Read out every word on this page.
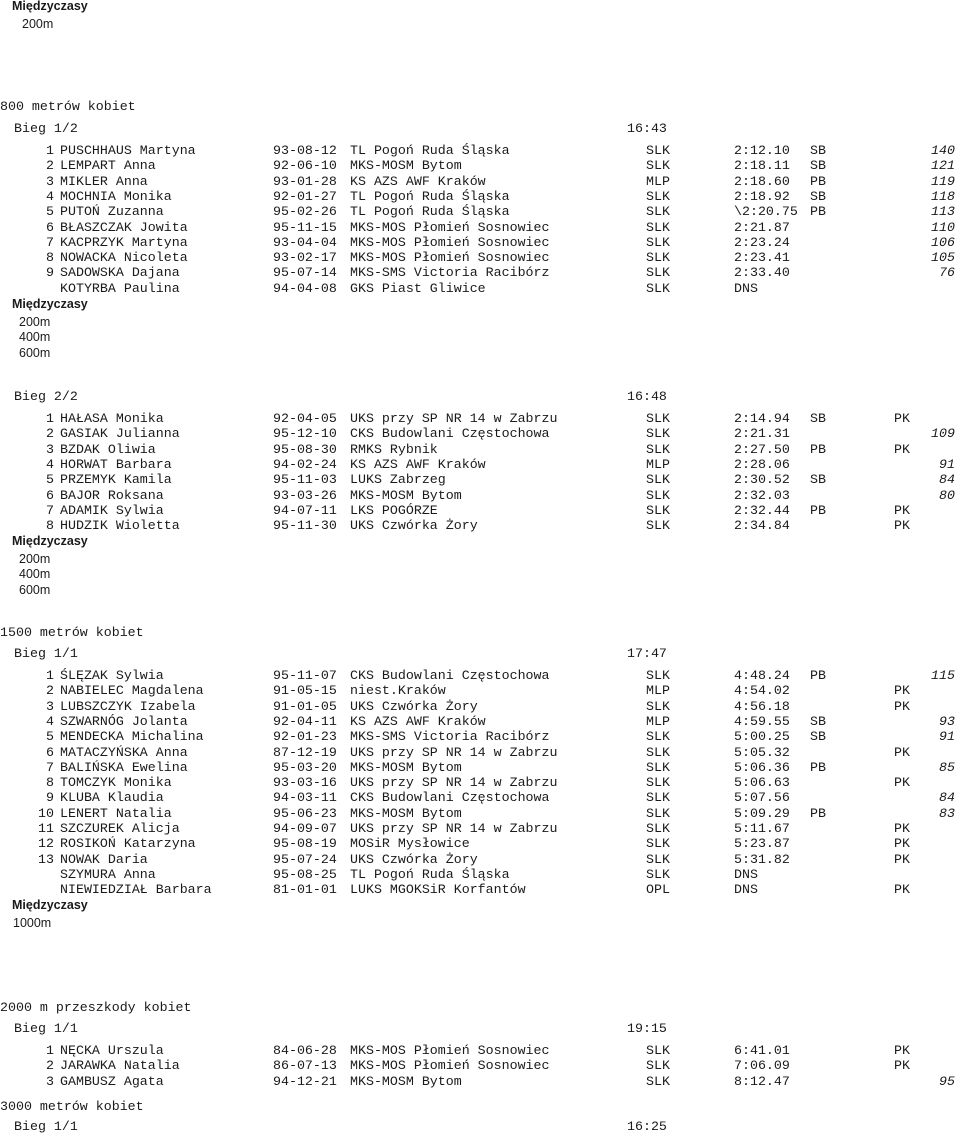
Międzyczasy
200m
800 metrów kobiet
Bieg 1/2	16:43
1 PUSCHHAUS Martyna	93-08-12 TL Pogoń Ruda Śląska	SLK	2:12.10 SB	140
2 LEMPART Anna	92-06-10 MKS-MOSM Bytom	SLK	2:18.11 SB	121
3 MIKLER Anna	93-01-28 KS AZS AWF Kraków	MLP	2:18.60 PB	119
4 MOCHNIA Monika	92-01-27 TL Pogoń Ruda Śląska	SLK	2:18.92 SB	118
5 PUTOŃ Zuzanna	95-02-26 TL Pogoń Ruda Śląska	SLK	\2:20.75 PB	113
6 BŁASZCZAK Jowita	95-11-15 MKS-MOS Płomień Sosnowiec	SLK	2:21.87	110
7 KACPRZYK Martyna	93-04-04 MKS-MOS Płomień Sosnowiec	SLK	2:23.24	106
8 NOWACKA Nicoleta	93-02-17 MKS-MOS Płomień Sosnowiec	SLK	2:23.41	105
9 SADOWSKA Dajana	95-07-14 MKS-SMS Victoria Racibórz	SLK	2:33.40	76
KOTYRBA Paulina	94-04-08 GKS Piast Gliwice	SLK	DNS
Międzyczasy
200m
400m
600m
Bieg 2/2	16:48
1 HAŁASA Monika	92-04-05 UKS przy SP NR 14 w Zabrzu	SLK	2:14.94 SB	PK
2 GASIAK Julianna	95-12-10 CKS Budowlani Częstochowa	SLK	2:21.31	109
3 BZDAK Oliwia	95-08-30 RMKS Rybnik	SLK	2:27.50 PB	PK
4 HORWAT Barbara	94-02-24 KS AZS AWF Kraków	MLP	2:28.06	91
5 PRZEMYK Kamila	95-11-03 LUKS Zabrzeg	SLK	2:30.52 SB	84
6 BAJOR Roksana	93-03-26 MKS-MOSM Bytom	SLK	2:32.03	80
7 ADAMIK Sylwia	94-07-11 LKS POGÓRZE	SLK	2:32.44 PB	PK
8 HUDZIK Wioletta	95-11-30 UKS Czwórka Żory	SLK	2:34.84	PK
Międzyczasy
200m
400m
600m
1500 metrów kobiet
Bieg 1/1	17:47
1 ŚLĘZAK Sylwia	95-11-07 CKS Budowlani Częstochowa	SLK	4:48.24 PB	115
2 NABIELEC Magdalena	91-05-15 niest.Kraków	MLP	4:54.02	PK
3 LUBSZCZYK Izabela	91-01-05 UKS Czwórka Żory	SLK	4:56.18	PK
4 SZWARNÓG Jolanta	92-04-11 KS AZS AWF Kraków	MLP	4:59.55 SB	93
5 MENDECKA Michalina	92-01-23 MKS-SMS Victoria Racibórz	SLK	5:00.25 SB	91
6 MATACZYŃSKA Anna	87-12-19 UKS przy SP NR 14 w Zabrzu	SLK	5:05.32	PK
7 BALIŃSKA Ewelina	95-03-20 MKS-MOSM Bytom	SLK	5:06.36 PB	85
8 TOMCZYK Monika	93-03-16 UKS przy SP NR 14 w Zabrzu	SLK	5:06.63	PK
9 KLUBA Klaudia	94-03-11 CKS Budowlani Częstochowa	SLK	5:07.56	84
10 LENERT Natalia	95-06-23 MKS-MOSM Bytom	SLK	5:09.29 PB	83
11 SZCZUREK Alicja	94-09-07 UKS przy SP NR 14 w Zabrzu	SLK	5:11.67	PK
12 ROSIKOŃ Katarzyna	95-08-19 MOSiR Mysłowice	SLK	5:23.87	PK
13 NOWAK Daria	95-07-24 UKS Czwórka Żory	SLK	5:31.82	PK
SZYMURA Anna	95-08-25 TL Pogoń Ruda Śląska	SLK	DNS
NIEWIEDZIAŁ Barbara	81-01-01 LUKS MGOKSiR Korfantów	OPL	DNS	PK
Międzyczasy
1000m
2000 m przeszkody kobiet
Bieg 1/1	19:15
1 NĘCKA Urszula	84-06-28 MKS-MOS Płomień Sosnowiec	SLK	6:41.01	PK
2 JARAWKA Natalia	86-07-13 MKS-MOS Płomień Sosnowiec	SLK	7:06.09	PK
3 GAMBUSZ Agata	94-12-21 MKS-MOSM Bytom	SLK	8:12.47	95
3000 metrów kobiet
Bieg 1/1	16:25
